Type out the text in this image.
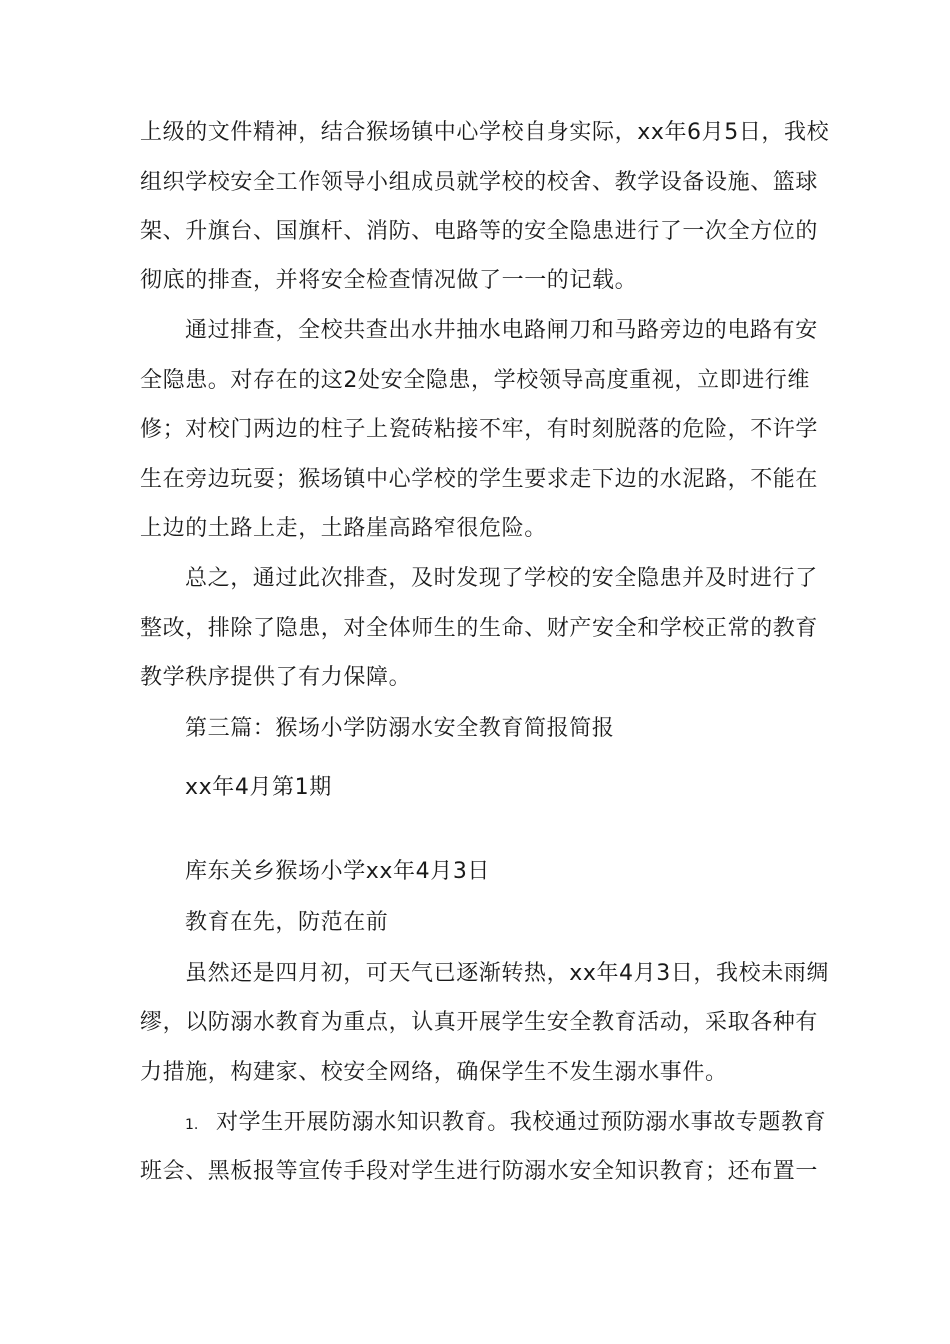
上级的文件精神，结合猴场镇中心学校自身实际，xx年6月5日，我校

组织学校安全工作领导小组成员就学校的校舍、教学设备设施、篮球

架、升旗台、国旗杆、消防、电路等的安全隐患进行了一次全方位的

彻底的排查，并将安全检查情况做了一一的记载。

通过排查，全校共查出水井抽水电路闸刀和马路旁边的电路有安

全隐患。对存在的这2处安全隐患，学校领导高度重视，立即进行维

修；对校门两边的柱子上瓷砖粘接不牢，有时刻脱落的危险，不许学

生在旁边玩耍；猴场镇中心学校的学生要求走下边的水泥路，不能在

上边的土路上走，土路崖高路窄很危险。

总之，通过此次排查，及时发现了学校的安全隐患并及时进行了

整改，排除了隐患，对全体师生的生命、财产安全和学校正常的教育

教学秩序提供了有力保障。

第三篇：猴场小学防溺水安全教育简报简报

xx年4月第1期

库东关乡猴场小学xx年4月3日

教育在先，防范在前

虽然还是四月初，可天气已逐渐转热，xx年4月3日，我校未雨绸

缪，以防溺水教育为重点，认真开展学生安全教育活动，采取各种有

力措施，构建家、校安全网络，确保学生不发生溺水事件。

1. 对学生开展防溺水知识教育。我校通过预防溺水事故专题教育

班会、黑板报等宣传手段对学生进行防溺水安全知识教育；还布置一
